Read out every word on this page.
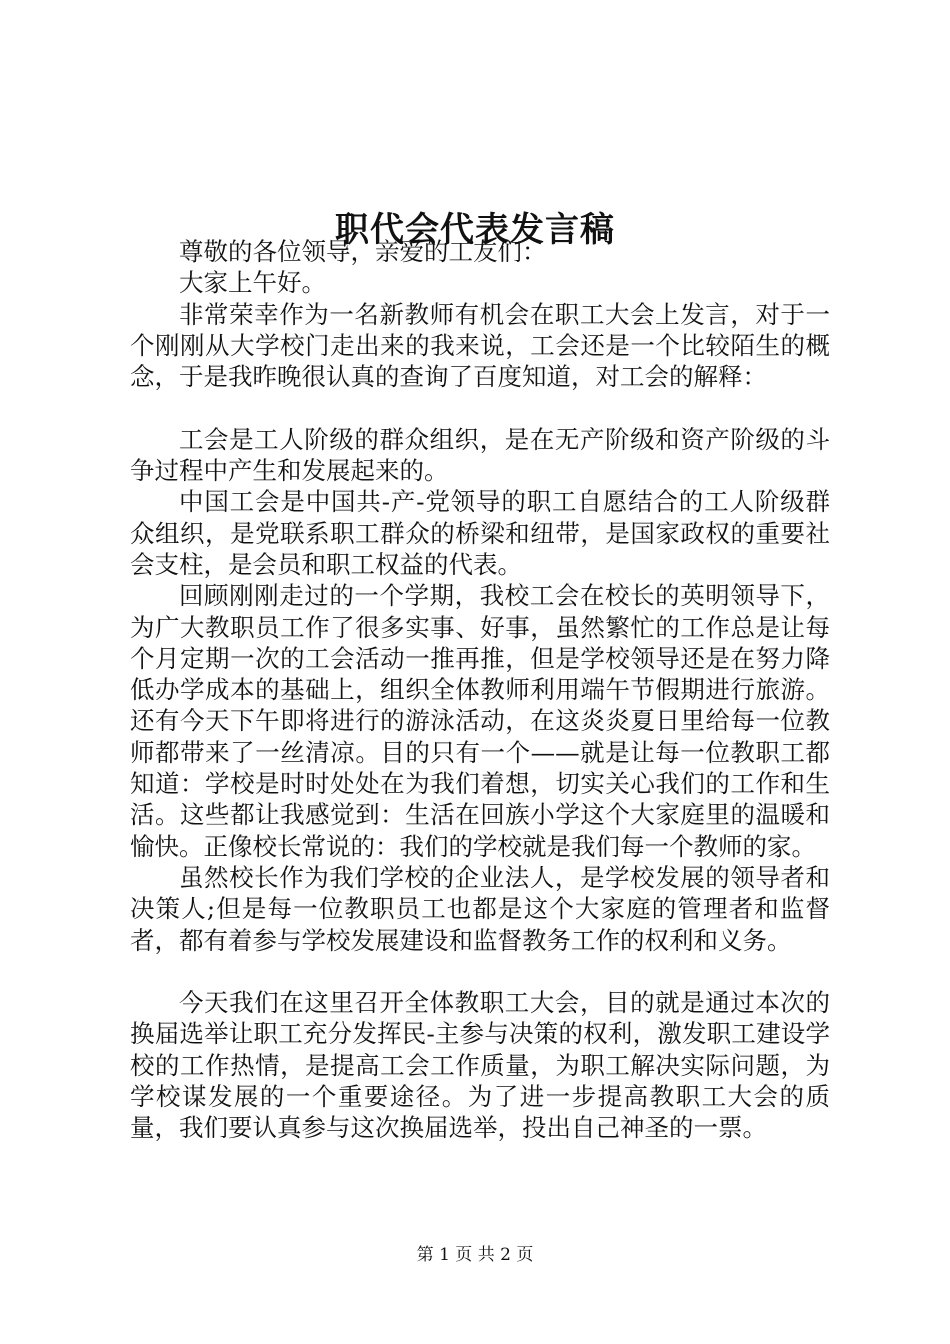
职代会代表发言稿

尊敬的各位领导，亲爱的工友们：

大家上午好。

非常荣幸作为一名新教师有机会在职工大会上发言，对于一个刚刚从大学校门走出来的我来说，工会还是一个比较陌生的概念，于是我昨晚很认真的查询了百度知道，对工会的解释：

工会是工人阶级的群众组织，是在无产阶级和资产阶级的斗争过程中产生和发展起来的。

中国工会是中国共-产-党领导的职工自愿结合的工人阶级群众组织，是党联系职工群众的桥梁和纽带，是国家政权的重要社会支柱，是会员和职工权益的代表。

回顾刚刚走过的一个学期，我校工会在校长的英明领导下，为广大教职员工作了很多实事、好事，虽然繁忙的工作总是让每个月定期一次的工会活动一推再推，但是学校领导还是在努力降低办学成本的基础上，组织全体教师利用端午节假期进行旅游。还有今天下午即将进行的游泳活动，在这炎炎夏日里给每一位教师都带来了一丝清凉。目的只有一个——就是让每一位教职工都知道：学校是时时处处在为我们着想，切实关心我们的工作和生活。这些都让我感觉到：生活在回族小学这个大家庭里的温暖和愉快。正像校长常说的：我们的学校就是我们每一个教师的家。

虽然校长作为我们学校的企业法人，是学校发展的领导者和决策人;但是每一位教职员工也都是这个大家庭的管理者和监督者，都有着参与学校发展建设和监督教务工作的权利和义务。

今天我们在这里召开全体教职工大会，目的就是通过本次的换届选举让职工充分发挥民-主参与决策的权利，激发职工建设学校的工作热情，是提高工会工作质量，为职工解决实际问题，为学校谋发展的一个重要途径。为了进一步提高教职工大会的质量，我们要认真参与这次换届选举，投出自己神圣的一票。

第 1 页 共 2 页
